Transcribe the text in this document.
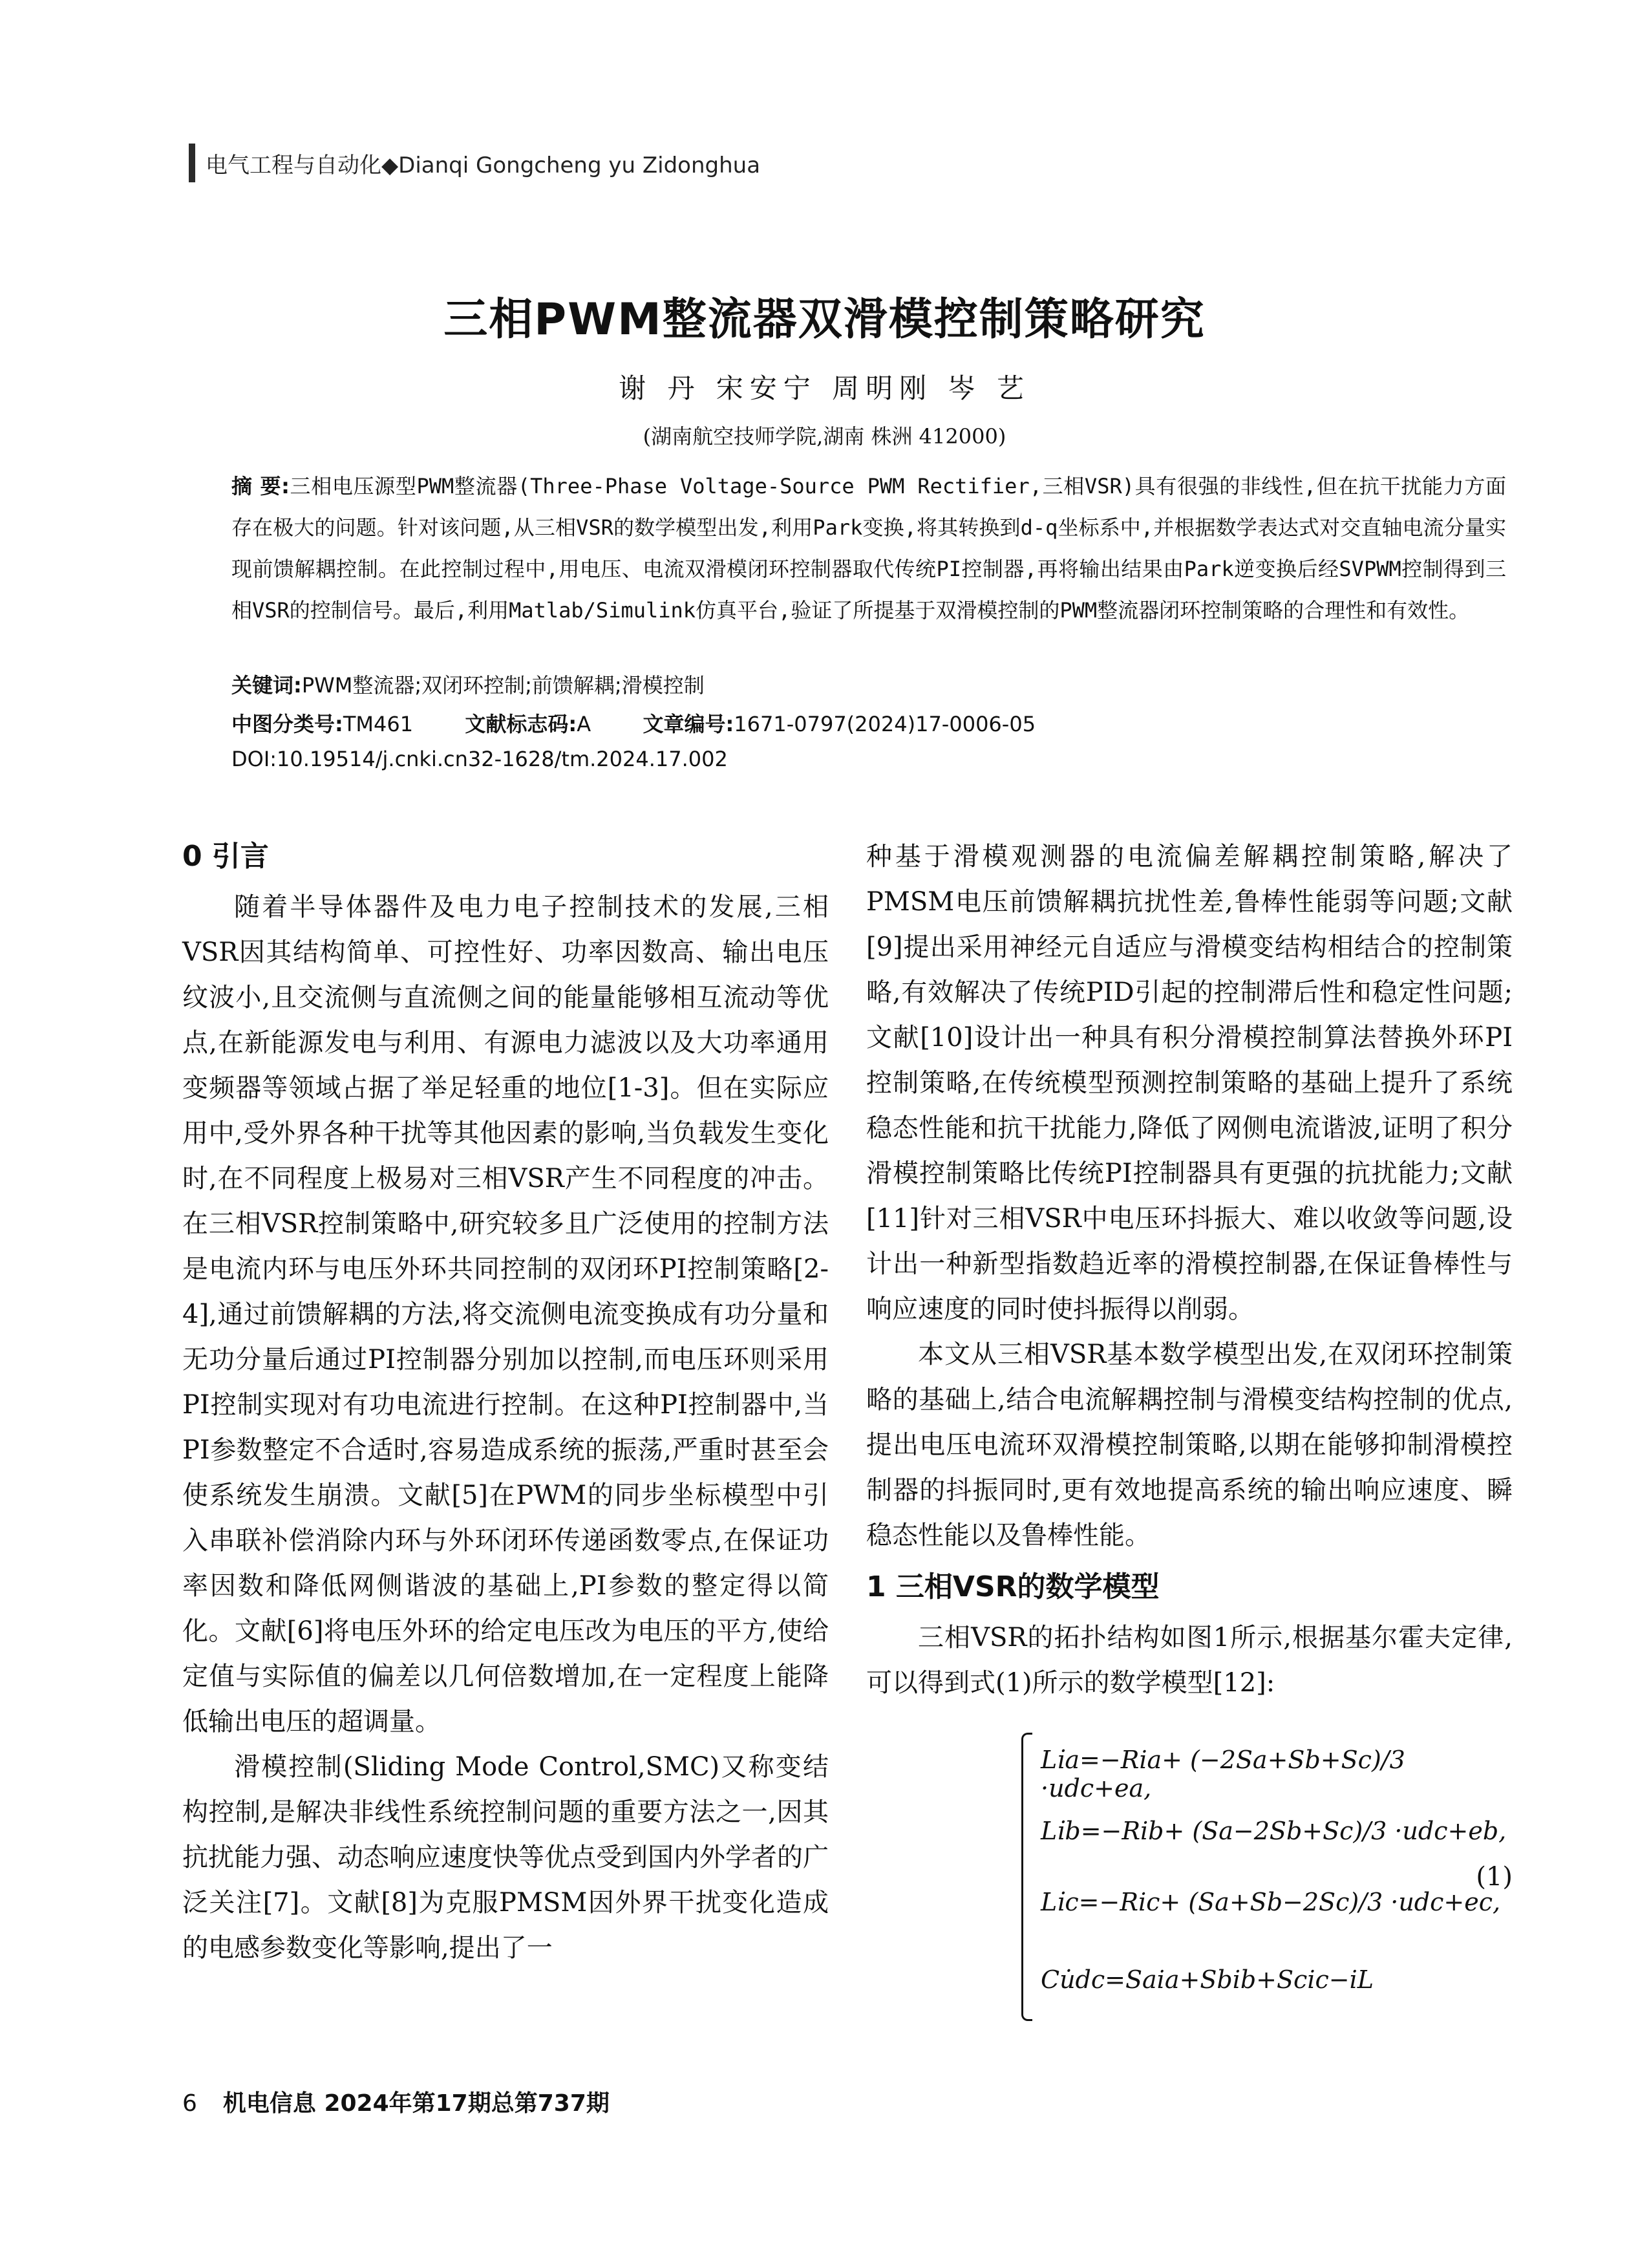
电气工程与自动化◆Dianqi Gongcheng yu Zidonghua
三相PWM整流器双滑模控制策略研究
谢 丹 宋安宁 周明刚 岑 艺
(湖南航空技师学院,湖南 株洲 412000)
摘 要:三相电压源型PWM整流器(Three-Phase Voltage-Source PWM Rectifier,三相VSR)具有很强的非线性,但在抗干扰能力方面存在极大的问题。针对该问题,从三相VSR的数学模型出发,利用Park变换,将其转换到d-q坐标系中,并根据数学表达式对交直轴电流分量实现前馈解耦控制。在此控制过程中,用电压、电流双滑模闭环控制器取代传统PI控制器,再将输出结果由Park逆变换后经SVPWM控制得到三相VSR的控制信号。最后,利用Matlab/Simulink仿真平台,验证了所提基于双滑模控制的PWM整流器闭环控制策略的合理性和有效性。
关键词:PWM整流器;双闭环控制;前馈解耦;滑模控制
中图分类号:TM461	文献标志码:A	文章编号:1671-0797(2024)17-0006-05
DOI:10.19514/j.cnki.cn32-1628/tm.2024.17.002
0 引言

随着半导体器件及电力电子控制技术的发展,三相VSR因其结构简单、可控性好、功率因数高、输出电压纹波小,且交流侧与直流侧之间的能量能够相互流动等优点,在新能源发电与利用、有源电力滤波以及大功率通用变频器等领域占据了举足轻重的地位[1-3]。但在实际应用中,受外界各种干扰等其他因素的影响,当负载发生变化时,在不同程度上极易对三相VSR产生不同程度的冲击。在三相VSR控制策略中,研究较多且广泛使用的控制方法是电流内环与电压外环共同控制的双闭环PI控制策略[2-4],通过前馈解耦的方法,将交流侧电流变换成有功分量和无功分量后通过PI控制器分别加以控制,而电压环则采用PI控制实现对有功电流进行控制。在这种PI控制器中,当PI参数整定不合适时,容易造成系统的振荡,严重时甚至会使系统发生崩溃。文献[5]在PWM的同步坐标模型中引入串联补偿消除内环与外环闭环传递函数零点,在保证功率因数和降低网侧谐波的基础上,PI参数的整定得以简化。文献[6]将电压外环的给定电压改为电压的平方,使给定值与实际值的偏差以几何倍数增加,在一定程度上能降低输出电压的超调量。

滑模控制(Sliding Mode Control,SMC)又称变结构控制,是解决非线性系统控制问题的重要方法之一,因其抗扰能力强、动态响应速度快等优点受到国内外学者的广泛关注[7]。文献[8]为克服PMSM因外界干扰变化造成的电感参数变化等影响,提出了一

种基于滑模观测器的电流偏差解耦控制策略,解决了PMSM电压前馈解耦抗扰性差,鲁棒性能弱等问题;文献[9]提出采用神经元自适应与滑模变结构相结合的控制策略,有效解决了传统PID引起的控制滞后性和稳定性问题;文献[10]设计出一种具有积分滑模控制算法替换外环PI控制策略,在传统模型预测控制策略的基础上提升了系统稳态性能和抗干扰能力,降低了网侧电流谐波,证明了积分滑模控制策略比传统PI控制器具有更强的抗扰能力;文献[11]针对三相VSR中电压环抖振大、难以收敛等问题,设计出一种新型指数趋近率的滑模控制器,在保证鲁棒性与响应速度的同时使抖振得以削弱。

本文从三相VSR基本数学模型出发,在双闭环控制策略的基础上,结合电流解耦控制与滑模变结构控制的优点,提出电压电流环双滑模控制策略,以期在能够抑制滑模控制器的抖振同时,更有效地提高系统的输出响应速度、瞬稳态性能以及鲁棒性能。

1 三相VSR的数学模型

三相VSR的拓扑结构如图1所示,根据基尔霍夫定律,可以得到式(1)所示的数学模型[12]:

Li̇a=−Ria+ (−2Sa+Sb+Sc)/3 ·udc+ea,
Li̇b=−Rib+ (Sa−2Sb+Sc)/3 ·udc+eb,
Li̇c=−Ric+ (Sa+Sb−2Sc)/3 ·udc+ec,
Cu̇dc=Saia+Sbib+Scic−iL
(1)
6 机电信息 2024年第17期总第737期
